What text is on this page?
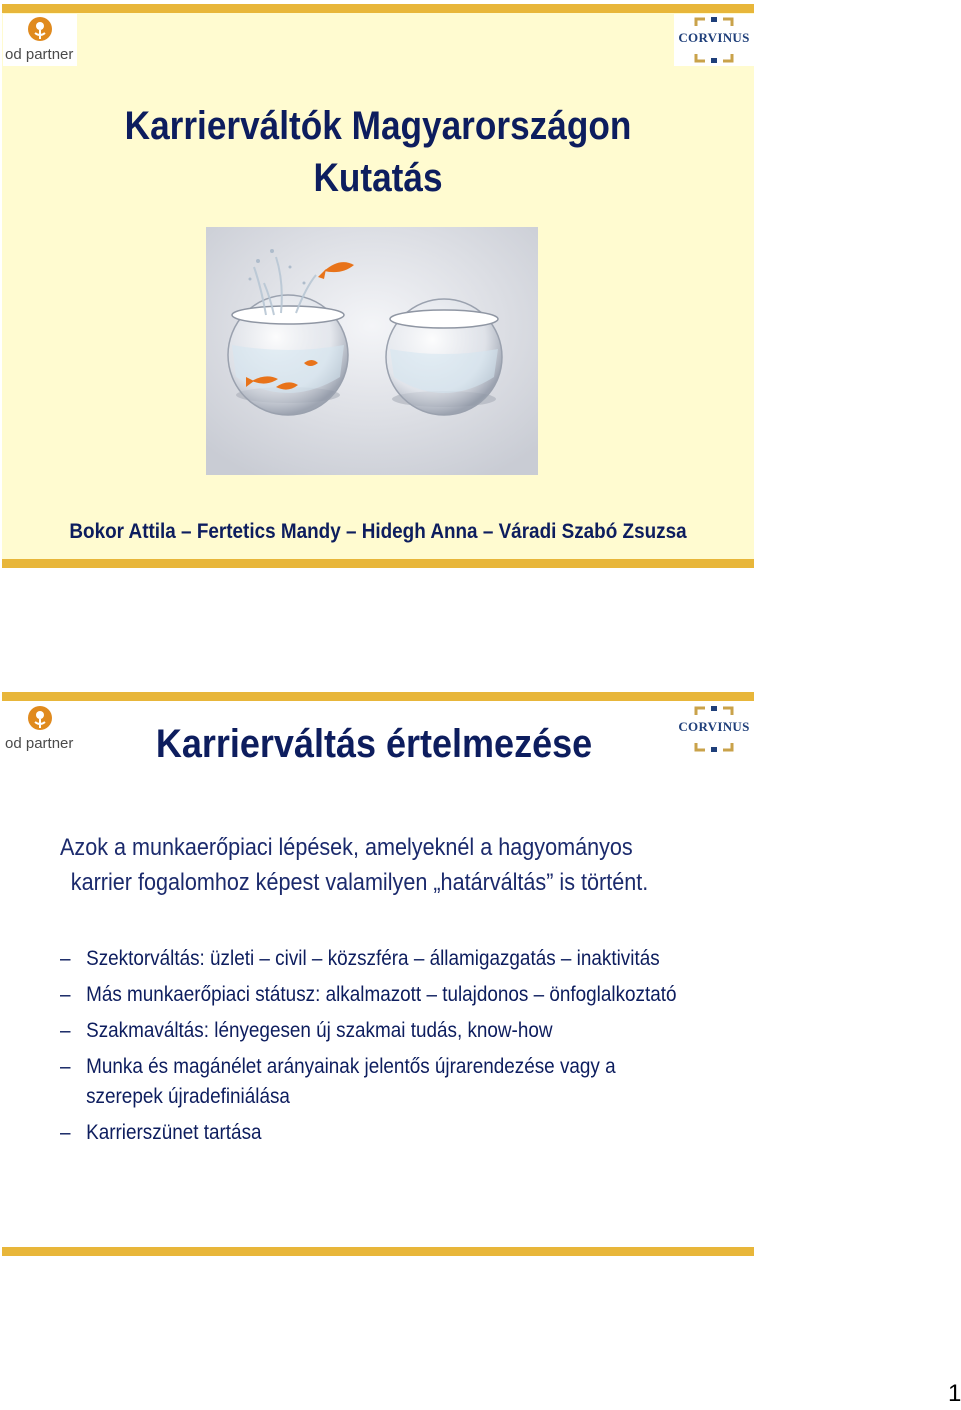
od partner
CORVINUS
Karrierváltók Magyarországon
Kutatás
Bokor Attila – Fertetics Mandy – Hidegh Anna – Váradi Szabó Zsuzsa
od partner
CORVINUS
Karrierváltás értelmezése
Azok a munkaerőpiaci lépések, amelyeknél a hagyományos
karrier fogalomhoz képest valamilyen „határváltás” is történt.
– Szektorváltás: üzleti – civil – közszféra – államigazgatás – inaktivitás
– Más munkaerőpiaci státusz: alkalmazott – tulajdonos – önfoglalkoztató
– Szakmaváltás: lényegesen új szakmai tudás, know-how
– Munka és magánélet arányainak jelentős újrarendezése vagy a szerepek újradefiniálása
– Karrierszünet tartása
1
